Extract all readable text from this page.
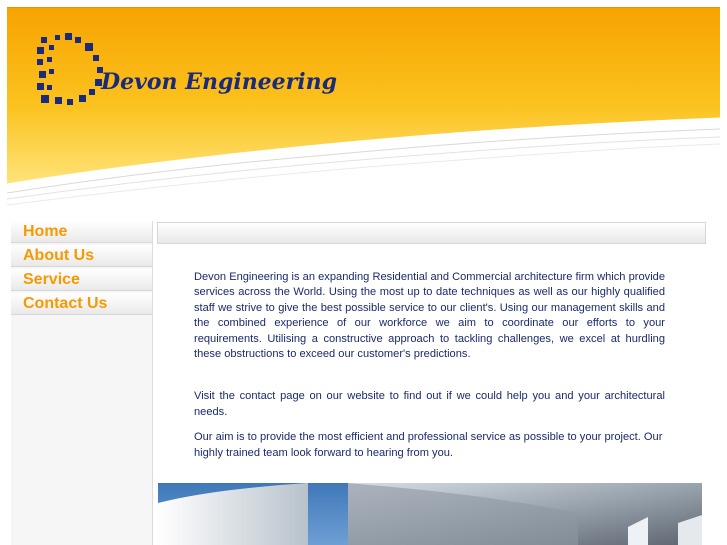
Devon Engineering
Home
About Us
Service
Contact Us

Devon Engineering is an expanding Residential and Commercial architecture firm which provide services across the World. Using the most up to date techniques as well as our highly qualified staff we strive to give the best possible service to our client's. Using our management skills and the combined experience of our workforce we aim to coordinate our efforts to your requirements. Utilising a constructive approach to tackling challenges, we excel at hurdling these obstructions to exceed our customer's predictions.

Visit the contact page on our website to find out if we could help you and your architectural needs.

Our aim is to provide the most efficient and professional service as possible to your project. Our highly trained team look forward to hearing from you.
